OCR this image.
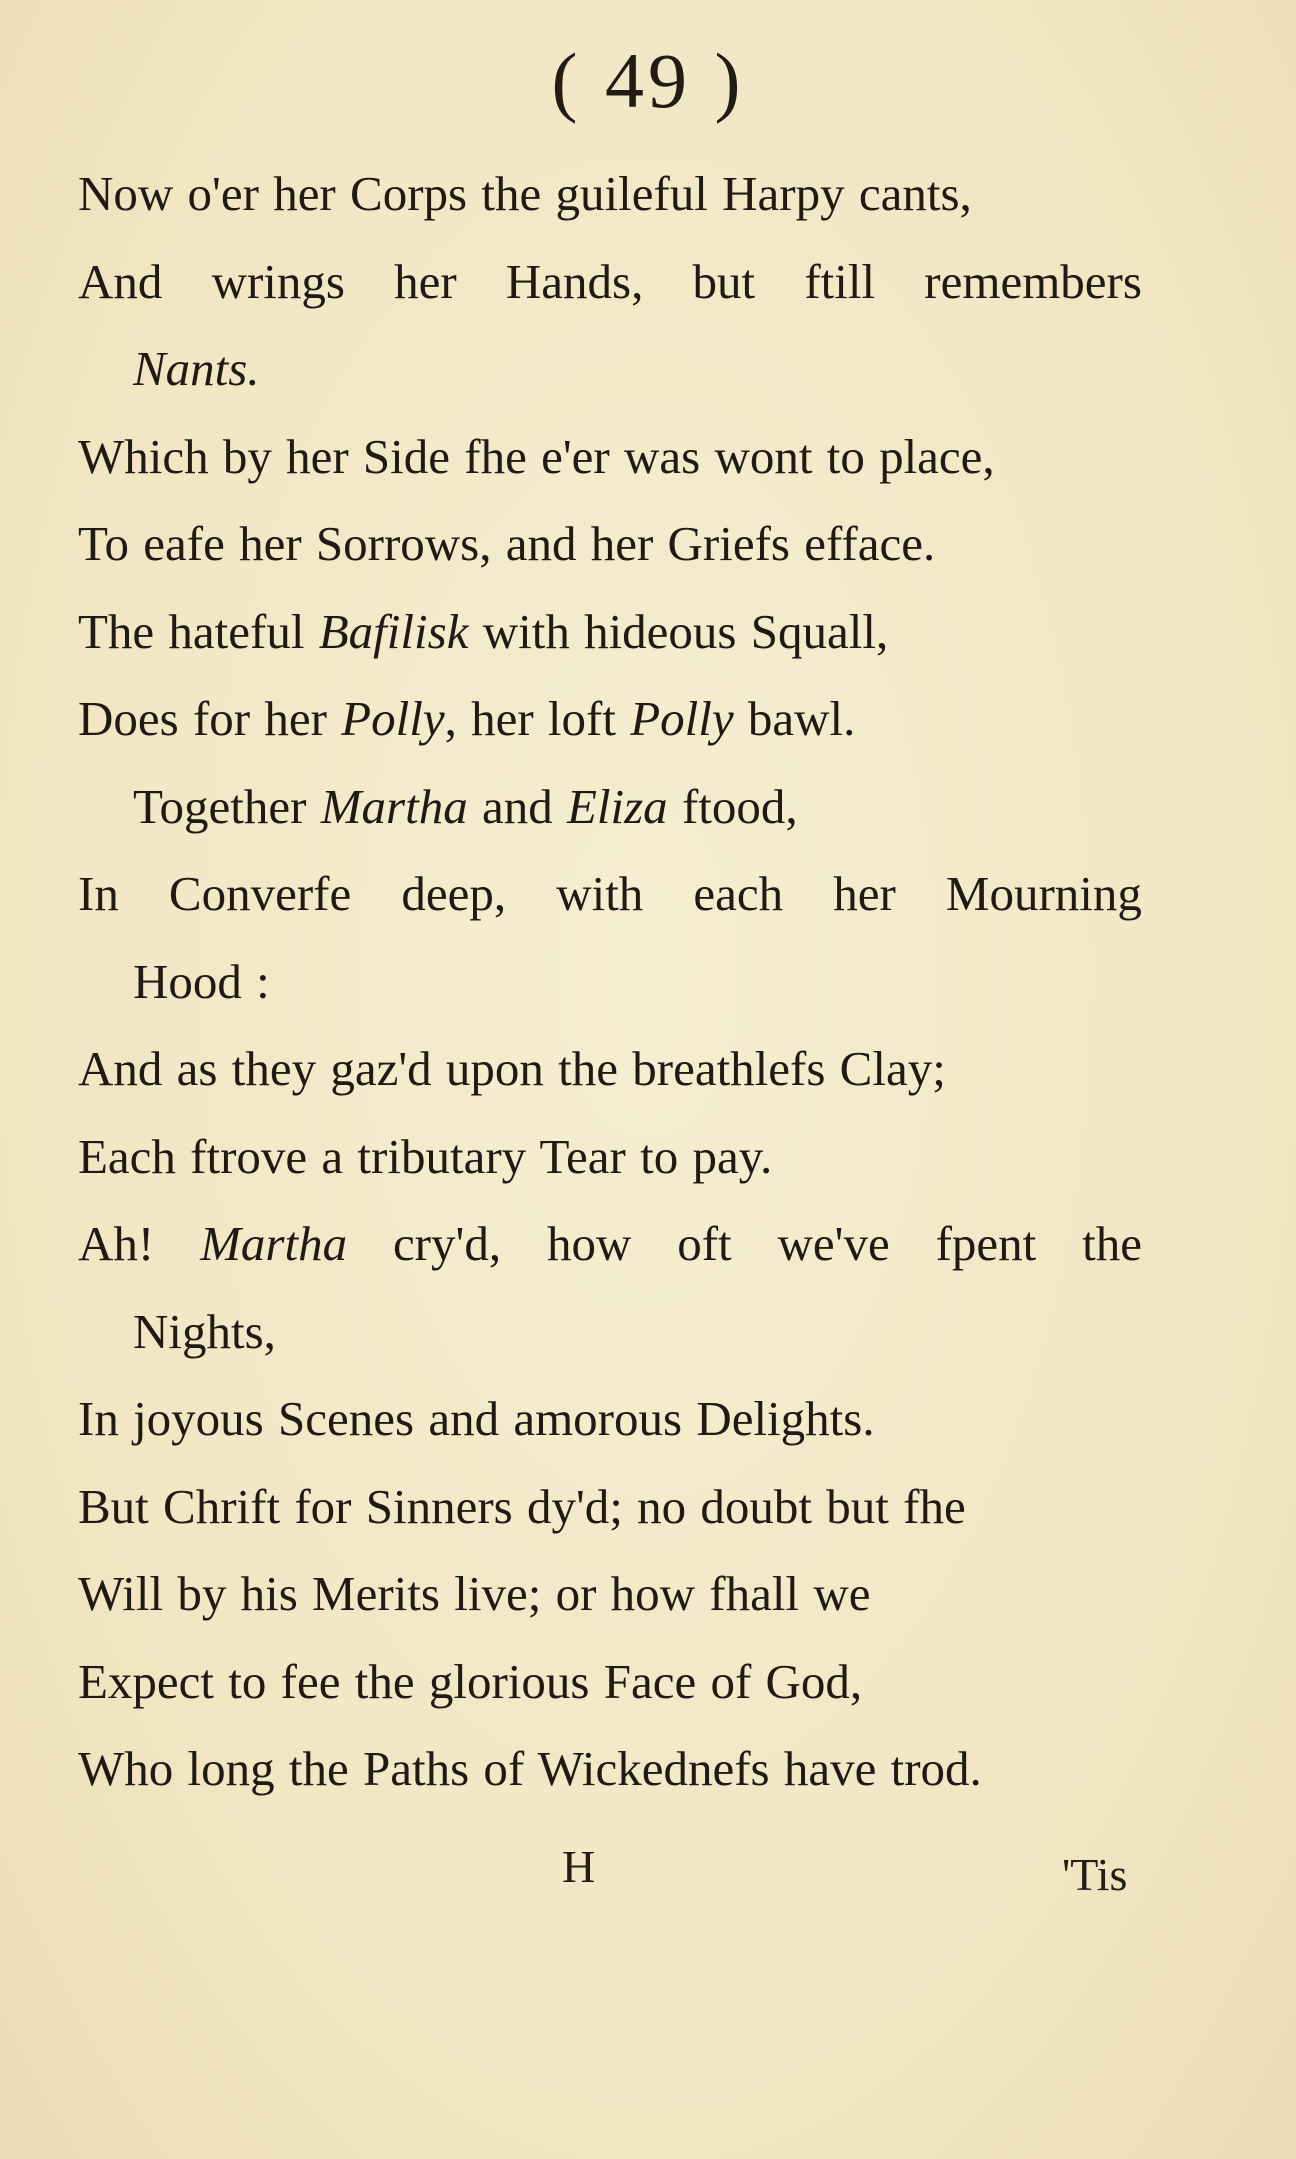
( 49 )
Now o'er her Corps the guileful Harpy cants,
And wrings her Hands, but ftill remembers
Nants.
Which by her Side fhe e'er was wont to place,
To eafe her Sorrows, and her Griefs efface.
The hateful Bafilisk with hideous Squall,
Does for her Polly, her loft Polly bawl.
Together Martha and Eliza ftood,
In Converfe deep, with each her Mourning
Hood :
And as they gaz'd upon the breathlefs Clay;
Each ftrove a tributary Tear to pay.
Ah! Martha cry'd, how oft we've fpent the
Nights,
In joyous Scenes and amorous Delights.
But Chrift for Sinners dy'd; no doubt but fhe
Will by his Merits live; or how fhall we
Expect to fee the glorious Face of God,
Who long the Paths of Wickednefs have trod.
H	'Tis
